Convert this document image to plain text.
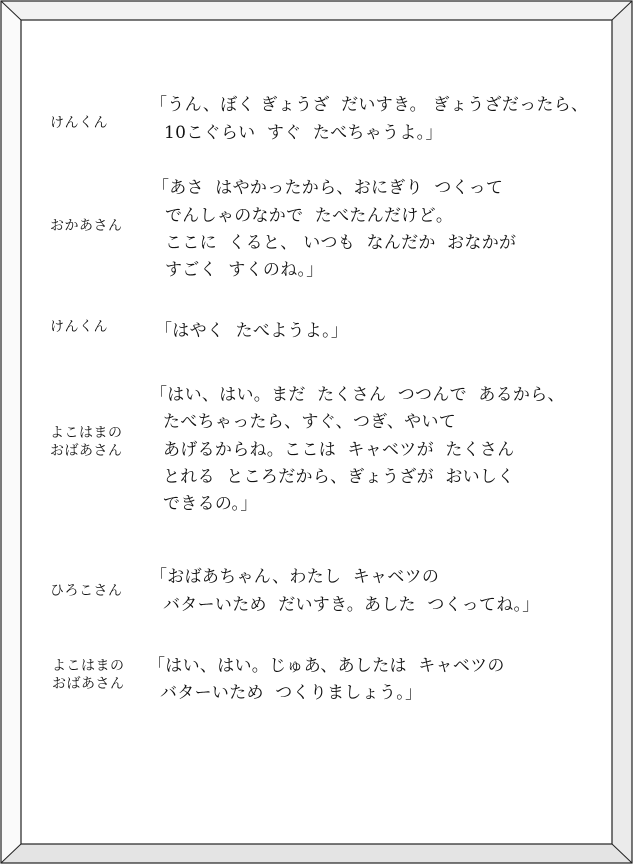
けんくん
「うん、ぼく ぎょうざ  だいすき。 ぎょうざだったら、
10こぐらい  すぐ  たべちゃうよ。」
おかあさん
「あさ  はやかったから、おにぎり  つくって
でんしゃのなかで  たべたんだけど。
ここに  くると、 いつも  なんだか  おなかが
すごく  すくのね。」
けんくん	「はやく  たべようよ。」
よこはまの
おばあさん
「はい、はい。まだ  たくさん  つつんで  あるから、
たべちゃったら、すぐ、つぎ、やいて
あげるからね。ここは  キャベツが  たくさん
とれる  ところだから、ぎょうざが  おいしく
できるの。」
ひろこさん
「おばあちゃん、わたし  キャベツの
バターいため  だいすき。あした  つくってね。」
よこはまの
おばあさん
「はい、はい。じゅあ、あしたは  キャベツの
バターいため  つくりましょう。」
